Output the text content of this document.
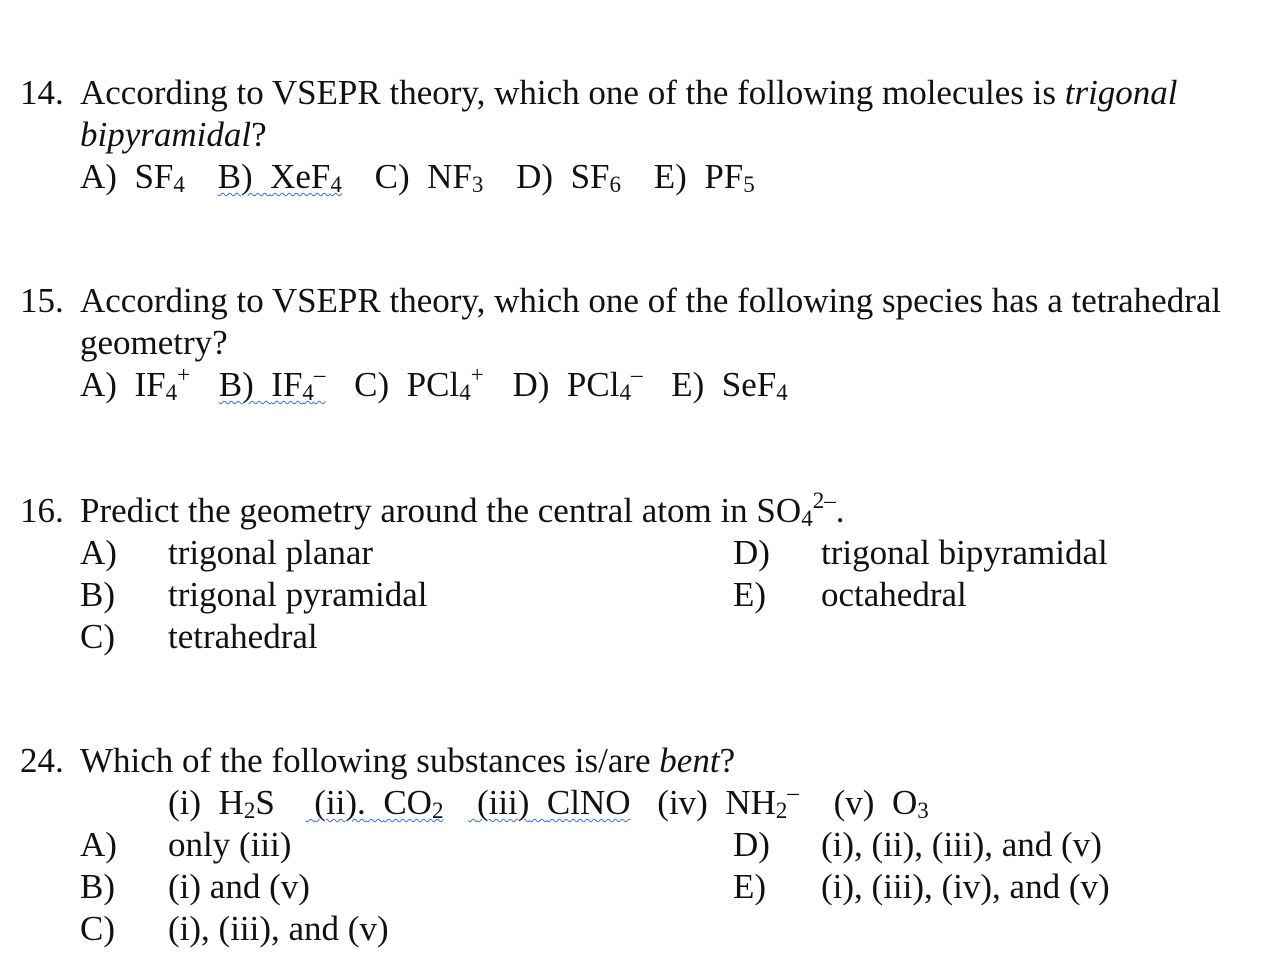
14. According to VSEPR theory, which one of the following molecules is trigonal
bipyramidal?
A) $SF_4$ B) XeF$_4$ C) $NF_3$ D) $SF_6$ E) $PF_5$
15. According to VSEPR theory, which one of the following species has a tetrahedral
geometry?
A) $IF_4^+$ B) $IF_4^-$ C) PCl$_4$+ D) PCl$_4$– E) SeF$_4$
16. Predict the geometry around the central atom in $SO_4^{2-}$.
A) trigonal planar
B) trigonal pyramidal
C) tetrahedral
D) trigonal bipyramidal
E) octahedral
24. Which of the following substances is/are bent?
(i) $H_2S$ (ii). $CO_2$ (iii) ClNO (iv) $NH_2^-$ (v) $O_3$
A) only (iii)
B) (i) and (v)
C) (i), (iii), and (v)
D) (i), (ii), (iii), and (v)
E) (i), (iii), (iv), and (v)
